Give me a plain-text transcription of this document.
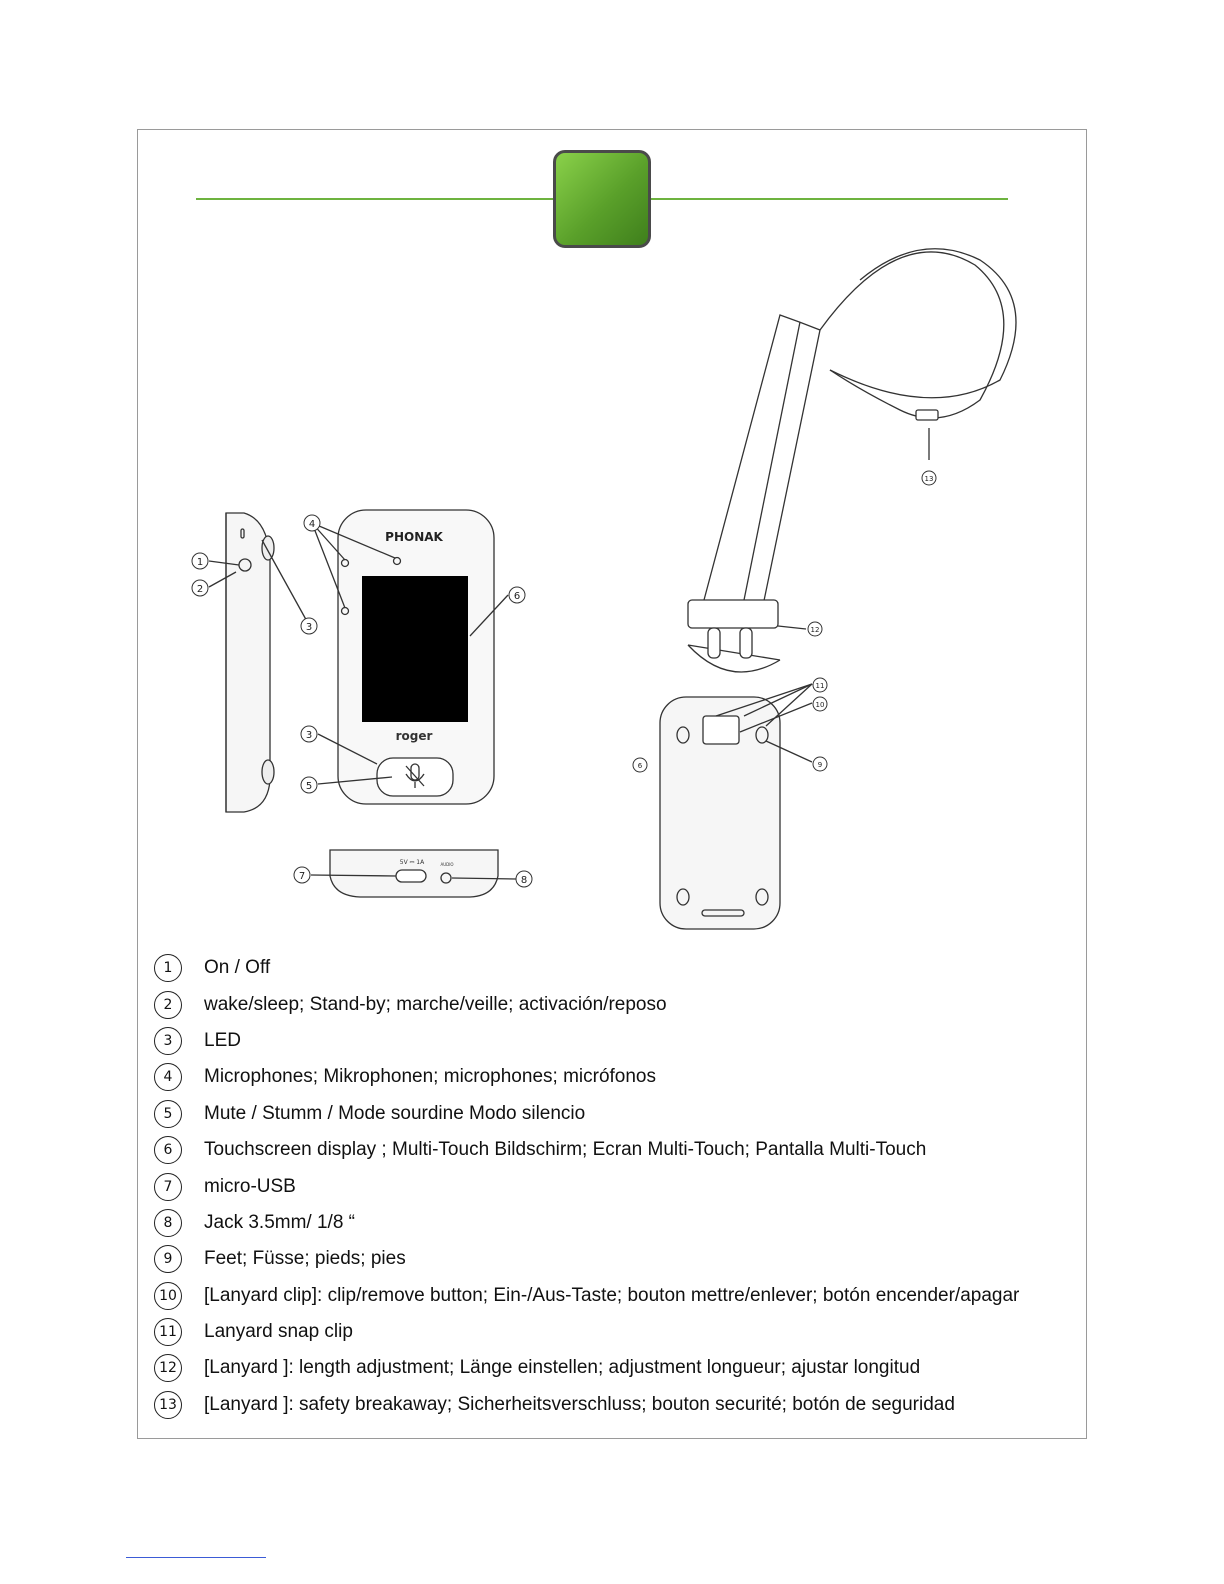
PHONAK
roger
5V ⎓ 1A	AUDIO
1
2
3
4
6
3
5
7	8
13
12
11
10
9
6
1	On / Off
2	wake/sleep; Stand-by; marche/veille; activación/reposo
3	LED
4	Microphones; Mikrophonen; microphones; micrófonos
5	Mute / Stumm / Mode sourdine Modo silencio
6	Touchscreen display ; Multi-Touch Bildschirm; Ecran Multi-Touch; Pantalla Multi-Touch
7	micro-USB
8	Jack 3.5mm/ 1/8 “
9	Feet; Füsse; pieds; pies
10 [Lanyard clip]: clip/remove button; Ein-/Aus-Taste; bouton mettre/enlever; botón encender/apagar
11 Lanyard snap clip
12 [Lanyard ]: length adjustment; Länge einstellen; adjustment longueur; ajustar longitud
13 [Lanyard ]: safety breakaway; Sicherheitsverschluss; bouton securité; botón de seguridad
